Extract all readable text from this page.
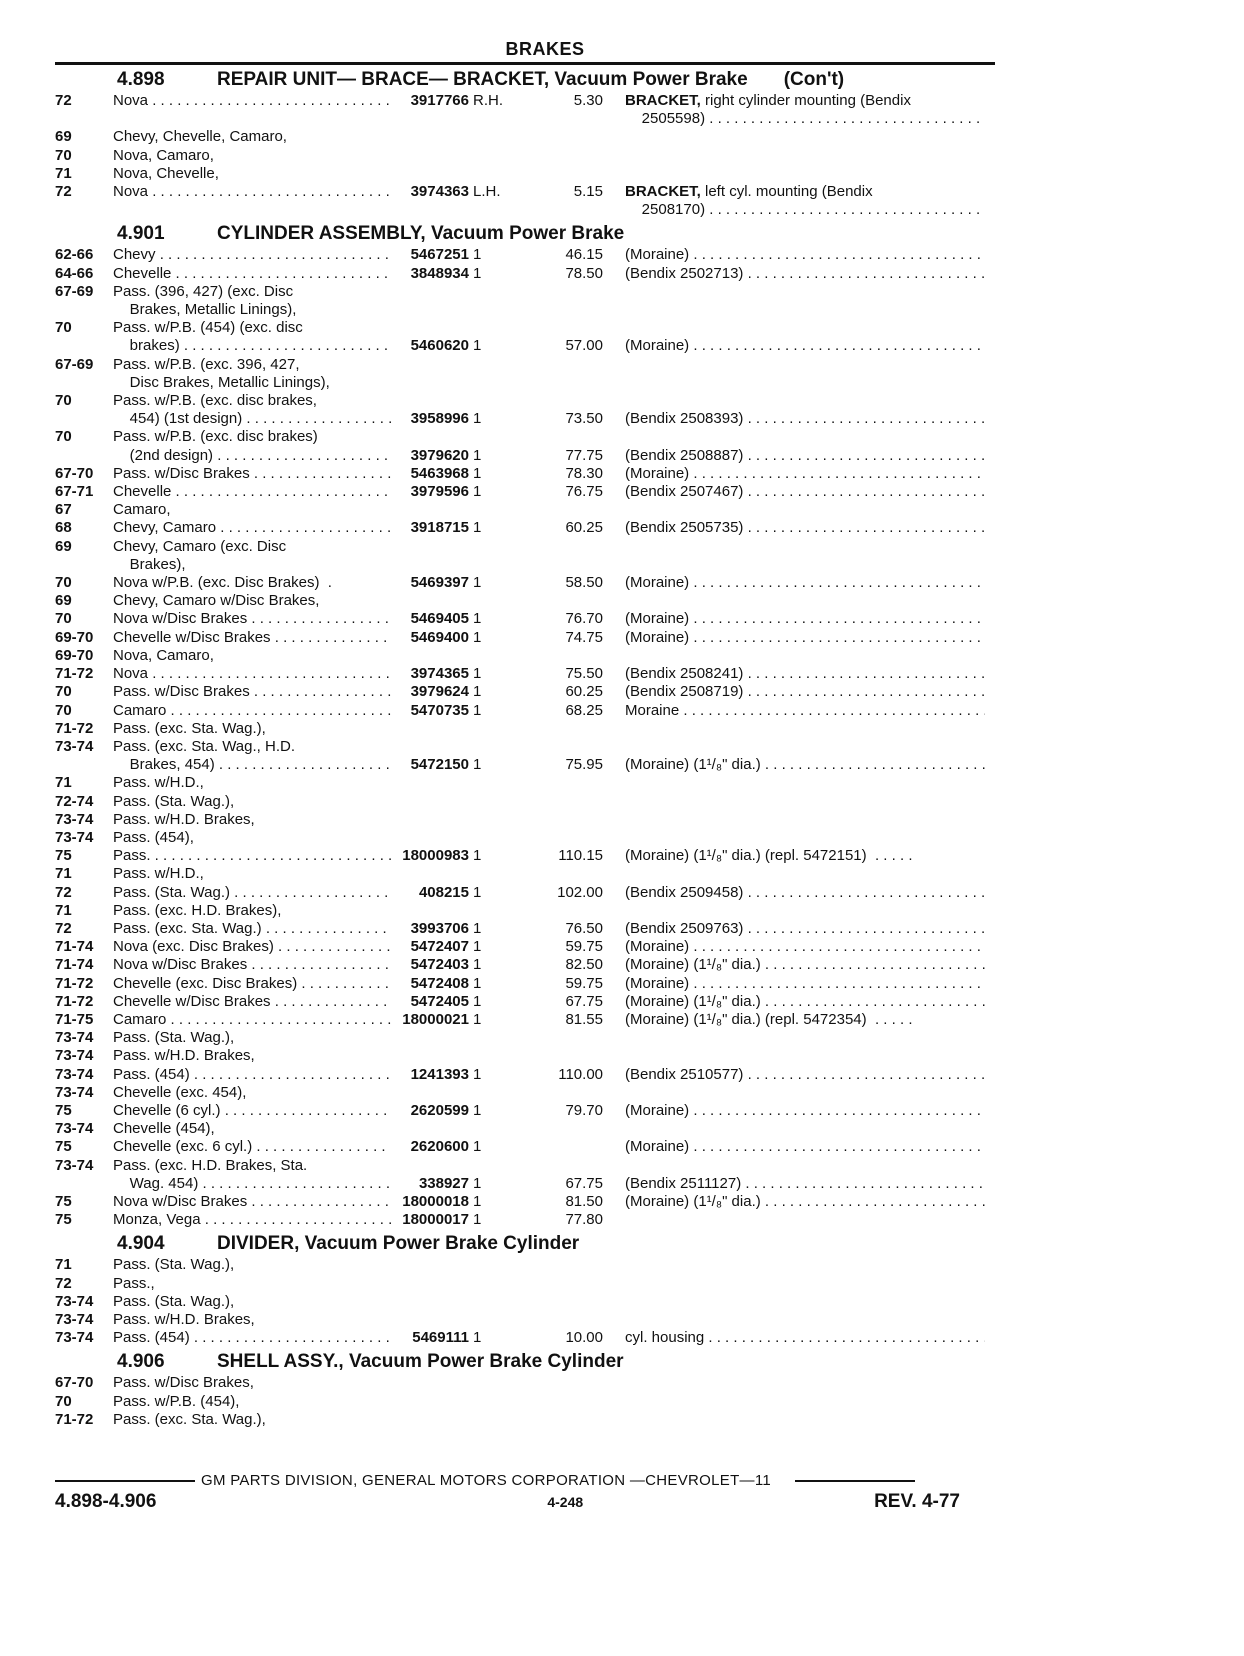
BRAKES
4.898	REPAIR UNIT— BRACE— BRACKET, Vacuum Power Brake (Con't)
72	Nova . . .	3917766 R.H.	5.30 BRACKET, right cylinder mounting (Bendix
2505598) . . .
69	Chevy, Chevelle, Camaro,
70	Nova, Camaro,
71	Nova, Chevelle,
72	Nova . . .	3974363 L.H.	5.15 BRACKET, left cyl. mounting (Bendix
2508170) . . .
4.901	CYLINDER ASSEMBLY, Vacuum Power Brake
62-66	Chevy . . .	5467251 1	46.15 (Moraine) . . .
64-66	Chevelle . . .	3848934 1	78.50 (Bendix 2502713) . . .
67-69	Pass. (396, 427) (exc. Disc
Brakes, Metallic Linings),
70	Pass. w/P.B. (454) (exc. disc
brakes) . . .	5460620 1	57.00 (Moraine) . . .
67-69	Pass. w/P.B. (exc. 396, 427,
Disc Brakes, Metallic Linings),
70	Pass. w/P.B. (exc. disc brakes,
454) (1st design) . . .	3958996 1	73.50 (Bendix 2508393) . . .
70	Pass. w/P.B. (exc. disc brakes)
(2nd design) . . .	3979620 1	77.75 (Bendix 2508887) . . .
67-70	Pass. w/Disc Brakes . . .	5463968 1	78.30 (Moraine) . . .
67-71	Chevelle . . .	3979596 1	76.75 (Bendix 2507467) . . .
67	Camaro,
68	Chevy, Camaro . . .	3918715 1	60.25 (Bendix 2505735) . . .
69	Chevy, Camaro (exc. Disc
Brakes),
70	Nova w/P.B. (exc. Disc Brakes)  .	5469397 1	58.50 (Moraine) . . .
69	Chevy, Camaro w/Disc Brakes,
70	Nova w/Disc Brakes . . .	5469405 1	76.70 (Moraine) . . .
69-70	Chevelle w/Disc Brakes . . .	5469400 1	74.75 (Moraine) . . .
69-70	Nova, Camaro,
71-72	Nova . . .	3974365 1	75.50 (Bendix 2508241) . . .
70	Pass. w/Disc Brakes . . .	3979624 1	60.25 (Bendix 2508719) . . .
70	Camaro . . .	5470735 1	68.25 Moraine . . .
71-72	Pass. (exc. Sta. Wag.),
73-74	Pass. (exc. Sta. Wag., H.D.
Brakes, 454) . . .	5472150 1	75.95 (Moraine) (1¹/₈" dia.) . . .
71	Pass. w/H.D.,
72-74	Pass. (Sta. Wag.),
73-74	Pass. w/H.D. Brakes,
73-74	Pass. (454),
75	Pass. . . .	18000983 1	110.15 (Moraine) (1¹/₈" dia.) (repl. 5472151)  . . . . .
71	Pass. w/H.D.,
72	Pass. (Sta. Wag.) . . .	408215 1	102.00 (Bendix 2509458) . . .
71	Pass. (exc. H.D. Brakes),
72	Pass. (exc. Sta. Wag.) . . .	3993706 1	76.50 (Bendix 2509763) . . .
71-74	Nova (exc. Disc Brakes) . . .	5472407 1	59.75 (Moraine) . . .
71-74	Nova w/Disc Brakes . . .	5472403 1	82.50 (Moraine) (1¹/₈" dia.) . . .
71-72	Chevelle (exc. Disc Brakes) . . .	5472408 1	59.75 (Moraine) . . .
71-72	Chevelle w/Disc Brakes . . .	5472405 1	67.75 (Moraine) (1¹/₈" dia.) . . .
71-75	Camaro . . .	18000021 1	81.55 (Moraine) (1¹/₈" dia.) (repl. 5472354)  . . . . .
73-74	Pass. (Sta. Wag.),
73-74	Pass. w/H.D. Brakes,
73-74	Pass. (454) . . .	1241393 1	110.00 (Bendix 2510577) . . .
73-74	Chevelle (exc. 454),
75	Chevelle (6 cyl.) . . .	2620599 1	79.70 (Moraine) . . .
73-74	Chevelle (454),
75	Chevelle (exc. 6 cyl.) . . .	2620600 1	(Moraine) . . .
73-74	Pass. (exc. H.D. Brakes, Sta.
Wag. 454) . . .	338927 1	67.75 (Bendix 2511127) . . .
75	Nova w/Disc Brakes . . .	18000018 1	81.50 (Moraine) (1¹/₈" dia.) . . .
75	Monza, Vega . . .	18000017 1	77.80
4.904	DIVIDER, Vacuum Power Brake Cylinder
71	Pass. (Sta. Wag.),
72	Pass.,
73-74	Pass. (Sta. Wag.),
73-74	Pass. w/H.D. Brakes,
73-74	Pass. (454) . . .	5469111 1	10.00 cyl. housing . . .
4.906	SHELL ASSY., Vacuum Power Brake Cylinder
67-70	Pass. w/Disc Brakes,
70	Pass. w/P.B. (454),
71-72	Pass. (exc. Sta. Wag.),
GM PARTS DIVISION, GENERAL MOTORS CORPORATION —CHEVROLET—11
4.898-4.906	4-248	REV. 4-77
